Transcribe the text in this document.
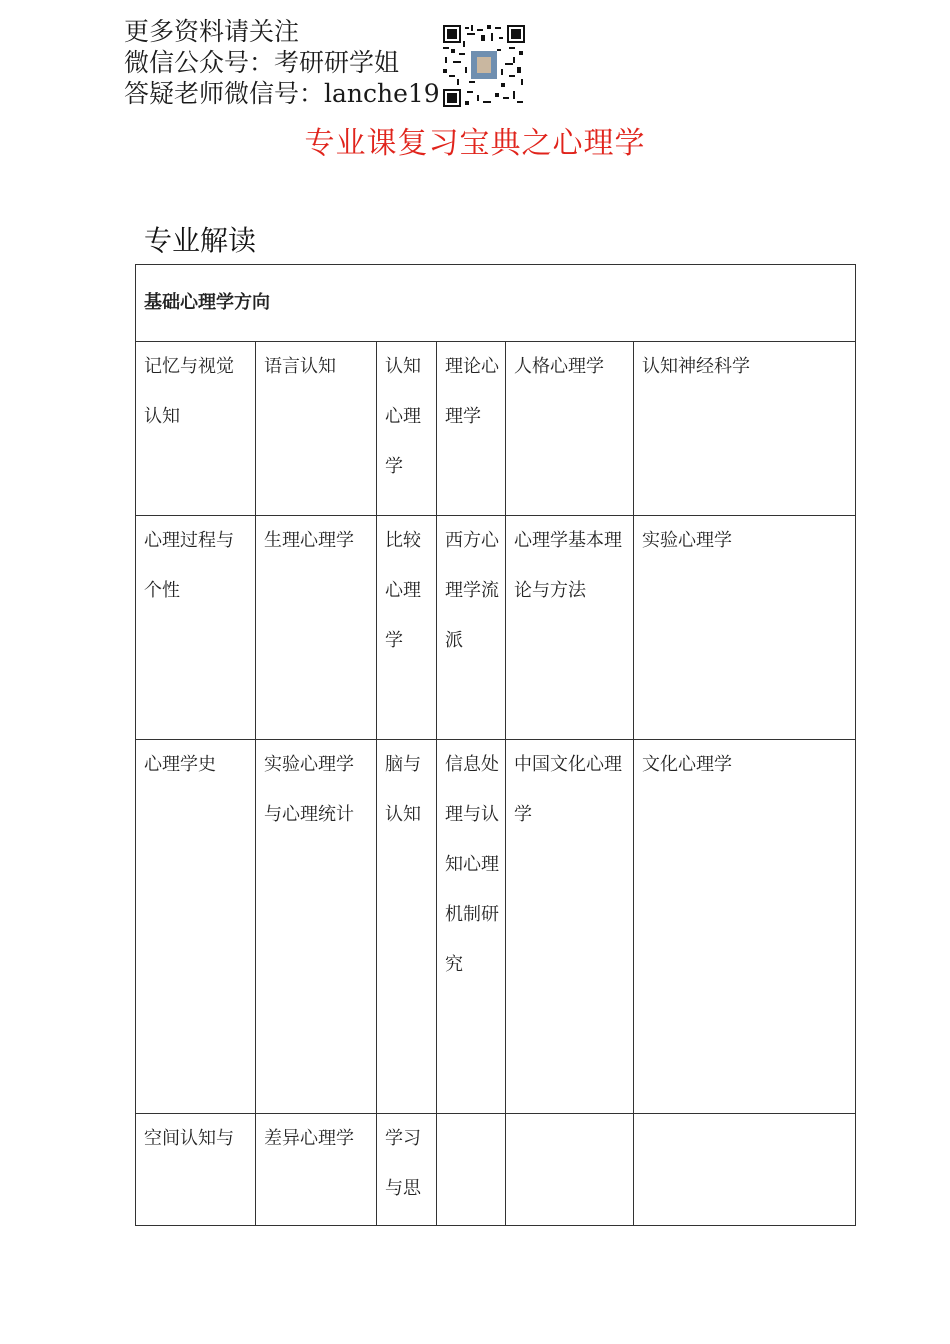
更多资料请关注
微信公众号：考研研学姐
答疑老师微信号：lanche19
专业课复习宝典之心理学
专业解读
基础心理学方向					
记忆与视觉认知	语言认知	认知心理学	理论心理学	人格心理学	认知神经科学
心理过程与个性	生理心理学	比较心理学	西方心理学流派	心理学基本理论与方法	实验心理学
心理学史	实验心理学与心理统计	脑与认知	信息处理与认知心理机制研究	中国文化心理学	文化心理学
空间认知与	差异心理学	学习与思			
